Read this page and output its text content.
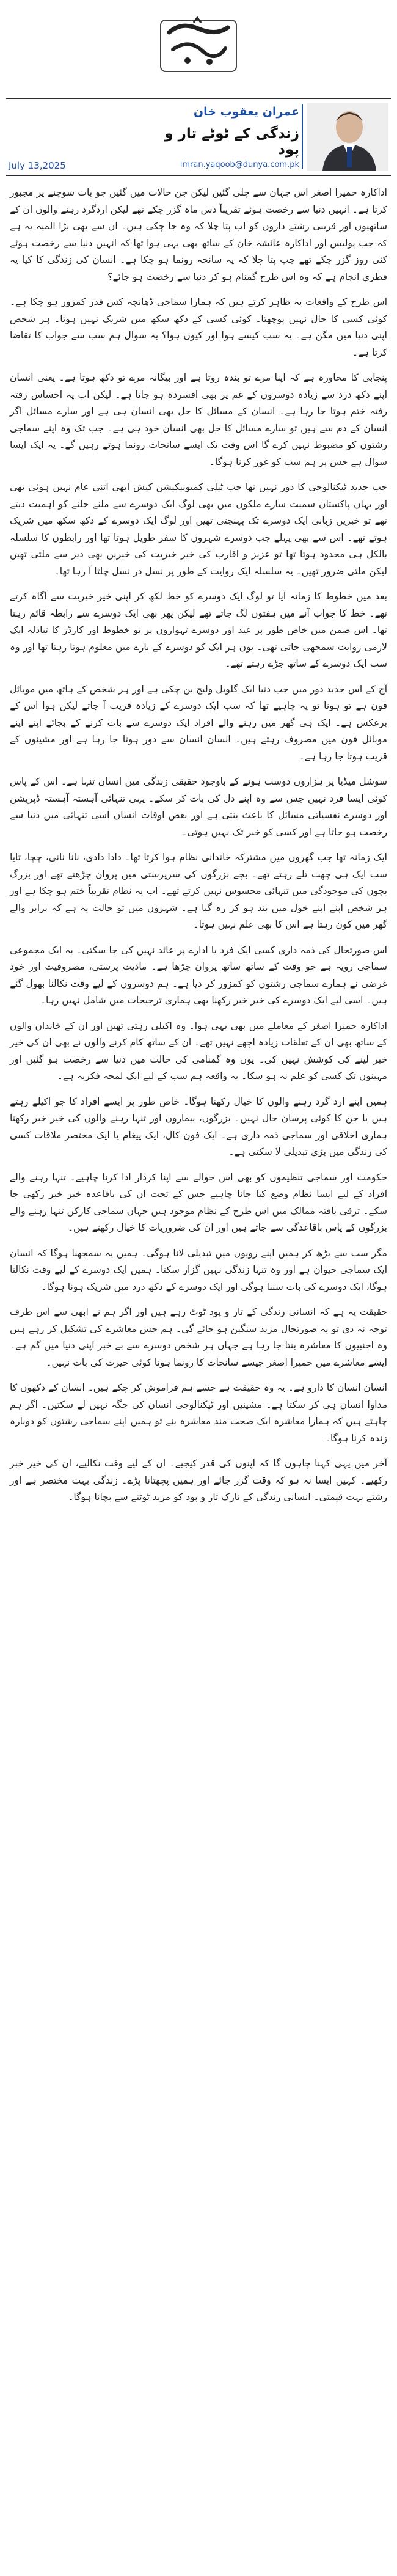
عمران یعقوب خان
زندگی کے ٹوٹے تار و پود
July 13,2025	imran.yaqoob@dunya.com.pk

اداکارہ حمیرا اصغر اس جہان سے چلی گئیں لیکن جن حالات میں گئیں جو بات سوچنے پر مجبور کرتا ہے۔ انہیں دنیا سے رخصت ہوئے تقریباً دس ماہ گزر چکے تھے لیکن اردگرد رہنے والوں ان کے ساتھیوں اور قریبی رشتے داروں کو اب پتا چلا کہ وہ جا چکی ہیں۔ ان سے بھی بڑا المیہ یہ ہے کہ جب پولیس اور اداکارہ عائشہ خان کے ساتھ بھی یہی ہوا تھا کہ انہیں دنیا سے رخصت ہوئے کئی روز گزر چکے تھے جب پتا چلا کہ یہ سانحہ رونما ہو چکا ہے۔ انسان کی زندگی کا کیا یہ فطری انجام ہے کہ وہ اس طرح گمنام ہو کر دنیا سے رخصت ہو جائے؟

اس طرح کے واقعات یہ ظاہر کرتے ہیں کہ ہمارا سماجی ڈھانچہ کس قدر کمزور ہو چکا ہے۔ کوئی کسی کا حال نہیں پوچھتا۔ کوئی کسی کے دکھ سکھ میں شریک نہیں ہوتا۔ ہر شخص اپنی دنیا میں مگن ہے۔ یہ سب کیسے ہوا اور کیوں ہوا؟ یہ سوال ہم سب سے جواب کا تقاضا کرتا ہے۔

پنجابی کا محاورہ ہے کہ اپنا مرے تو بندہ روتا ہے اور بیگانہ مرے تو دکھ ہوتا ہے۔ یعنی انسان اپنے دکھ درد سے زیادہ دوسروں کے غم پر بھی افسردہ ہو جاتا ہے۔ لیکن اب یہ احساس رفتہ رفتہ ختم ہوتا جا رہا ہے۔ انسان کے مسائل کا حل بھی انسان ہی ہے اور سارے مسائل اگر انسان کے دم سے ہیں تو سارے مسائل کا حل بھی انسان خود ہی ہے۔ جب تک وہ اپنے سماجی رشتوں کو مضبوط نہیں کرے گا اس وقت تک ایسے سانحات رونما ہوتے رہیں گے۔ یہ ایک ایسا سوال ہے جس پر ہم سب کو غور کرنا ہوگا۔

جب جدید ٹیکنالوجی کا دور نہیں تھا جب ٹیلی کمیونیکیشن کیش ابھی اتنی عام نہیں ہوئی تھی اور یہاں پاکستان سمیت سارے ملکوں میں بھی لوگ ایک دوسرے سے ملنے جلنے کو اہمیت دیتے تھے تو خبریں زبانی ایک دوسرے تک پہنچتی تھیں اور لوگ ایک دوسرے کے دکھ سکھ میں شریک ہوتے تھے۔ اس سے بھی پہلے جب دوسرے شہروں کا سفر طویل ہوتا تھا اور رابطوں کا سلسلہ بالکل ہی محدود ہوتا تھا تو عزیز و اقارب کی خیر خیریت کی خبریں بھی دیر سے ملتی تھیں لیکن ملتی ضرور تھیں۔ یہ سلسلہ ایک روایت کے طور پر نسل در نسل چلتا آ رہا تھا۔

بعد میں خطوط کا زمانہ آیا تو لوگ ایک دوسرے کو خط لکھ کر اپنی خیر خیریت سے آگاہ کرتے تھے۔ خط کا جواب آنے میں ہفتوں لگ جاتے تھے لیکن پھر بھی ایک دوسرے سے رابطہ قائم رہتا تھا۔ اس ضمن میں خاص طور پر عید اور دوسرے تہواروں پر تو خطوط اور کارڈز کا تبادلہ ایک لازمی روایت سمجھی جاتی تھی۔ یوں ہر ایک کو دوسرے کے بارے میں معلوم ہوتا رہتا تھا اور وہ سب ایک دوسرے کے ساتھ جڑے رہتے تھے۔

آج کے اس جدید دور میں جب دنیا ایک گلوبل ولیج بن چکی ہے اور ہر شخص کے ہاتھ میں موبائل فون ہے تو ہونا تو یہ چاہیے تھا کہ سب ایک دوسرے کے زیادہ قریب آ جاتے لیکن ہوا اس کے برعکس ہے۔ ایک ہی گھر میں رہنے والے افراد ایک دوسرے سے بات کرنے کے بجائے اپنے اپنے موبائل فون میں مصروف رہتے ہیں۔ انسان انسان سے دور ہوتا جا رہا ہے اور مشینوں کے قریب ہوتا جا رہا ہے۔

سوشل میڈیا پر ہزاروں دوست ہونے کے باوجود حقیقی زندگی میں انسان تنہا ہے۔ اس کے پاس کوئی ایسا فرد نہیں جس سے وہ اپنے دل کی بات کر سکے۔ یہی تنہائی آہستہ آہستہ ڈپریشن اور دوسرے نفسیاتی مسائل کا باعث بنتی ہے اور بعض اوقات انسان اسی تنہائی میں دنیا سے رخصت ہو جاتا ہے اور کسی کو خبر تک نہیں ہوتی۔

ایک زمانہ تھا جب گھروں میں مشترکہ خاندانی نظام ہوا کرتا تھا۔ دادا دادی، نانا نانی، چچا، تایا سب ایک ہی چھت تلے رہتے تھے۔ بچے بزرگوں کی سرپرستی میں پروان چڑھتے تھے اور بزرگ بچوں کی موجودگی میں تنہائی محسوس نہیں کرتے تھے۔ اب یہ نظام تقریباً ختم ہو چکا ہے اور ہر شخص اپنے اپنے خول میں بند ہو کر رہ گیا ہے۔ شہروں میں تو حالت یہ ہے کہ برابر والے گھر میں کون رہتا ہے اس کا بھی علم نہیں ہوتا۔

اس صورتحال کی ذمہ داری کسی ایک فرد یا ادارے پر عائد نہیں کی جا سکتی۔ یہ ایک مجموعی سماجی رویہ ہے جو وقت کے ساتھ ساتھ پروان چڑھا ہے۔ مادیت پرستی، مصروفیت اور خود غرضی نے ہمارے سماجی رشتوں کو کمزور کر دیا ہے۔ ہم دوسروں کے لیے وقت نکالنا بھول گئے ہیں۔ اسی لیے ایک دوسرے کی خیر خبر رکھنا بھی ہماری ترجیحات میں شامل نہیں رہا۔

اداکارہ حمیرا اصغر کے معاملے میں بھی یہی ہوا۔ وہ اکیلی رہتی تھیں اور ان کے خاندان والوں کے ساتھ بھی ان کے تعلقات زیادہ اچھے نہیں تھے۔ ان کے ساتھ کام کرنے والوں نے بھی ان کی خیر خبر لینے کی کوشش نہیں کی۔ یوں وہ گمنامی کی حالت میں دنیا سے رخصت ہو گئیں اور مہینوں تک کسی کو علم نہ ہو سکا۔ یہ واقعہ ہم سب کے لیے ایک لمحہ فکریہ ہے۔

ہمیں اپنے ارد گرد رہنے والوں کا خیال رکھنا ہوگا۔ خاص طور پر ایسے افراد کا جو اکیلے رہتے ہیں یا جن کا کوئی پرسان حال نہیں۔ بزرگوں، بیماروں اور تنہا رہنے والوں کی خیر خبر رکھنا ہماری اخلاقی اور سماجی ذمہ داری ہے۔ ایک فون کال، ایک پیغام یا ایک مختصر ملاقات کسی کی زندگی میں بڑی تبدیلی لا سکتی ہے۔

حکومت اور سماجی تنظیموں کو بھی اس حوالے سے اپنا کردار ادا کرنا چاہیے۔ تنہا رہنے والے افراد کے لیے ایسا نظام وضع کیا جانا چاہیے جس کے تحت ان کی باقاعدہ خیر خبر رکھی جا سکے۔ ترقی یافتہ ممالک میں اس طرح کے نظام موجود ہیں جہاں سماجی کارکن تنہا رہنے والے بزرگوں کے پاس باقاعدگی سے جاتے ہیں اور ان کی ضروریات کا خیال رکھتے ہیں۔

مگر سب سے بڑھ کر ہمیں اپنے رویوں میں تبدیلی لانا ہوگی۔ ہمیں یہ سمجھنا ہوگا کہ انسان ایک سماجی حیوان ہے اور وہ تنہا زندگی نہیں گزار سکتا۔ ہمیں ایک دوسرے کے لیے وقت نکالنا ہوگا، ایک دوسرے کی بات سننا ہوگی اور ایک دوسرے کے دکھ درد میں شریک ہونا ہوگا۔

حقیقت یہ ہے کہ انسانی زندگی کے تار و پود ٹوٹ رہے ہیں اور اگر ہم نے ابھی سے اس طرف توجہ نہ دی تو یہ صورتحال مزید سنگین ہو جائے گی۔ ہم جس معاشرے کی تشکیل کر رہے ہیں وہ اجنبیوں کا معاشرہ بنتا جا رہا ہے جہاں ہر شخص دوسرے سے بے خبر اپنی دنیا میں گم ہے۔ ایسے معاشرے میں حمیرا اصغر جیسے سانحات کا رونما ہونا کوئی حیرت کی بات نہیں۔

انسان انسان کا دارو ہے۔ یہ وہ حقیقت ہے جسے ہم فراموش کر چکے ہیں۔ انسان کے دکھوں کا مداوا انسان ہی کر سکتا ہے۔ مشینیں اور ٹیکنالوجی انسان کی جگہ نہیں لے سکتیں۔ اگر ہم چاہتے ہیں کہ ہمارا معاشرہ ایک صحت مند معاشرہ بنے تو ہمیں اپنے سماجی رشتوں کو دوبارہ زندہ کرنا ہوگا۔

آخر میں یہی کہنا چاہوں گا کہ اپنوں کی قدر کیجیے۔ ان کے لیے وقت نکالیے، ان کی خیر خبر رکھیے۔ کہیں ایسا نہ ہو کہ وقت گزر جائے اور ہمیں پچھتانا پڑے۔ زندگی بہت مختصر ہے اور رشتے بہت قیمتی۔ انسانی زندگی کے نازک تار و پود کو مزید ٹوٹنے سے بچانا ہوگا۔
